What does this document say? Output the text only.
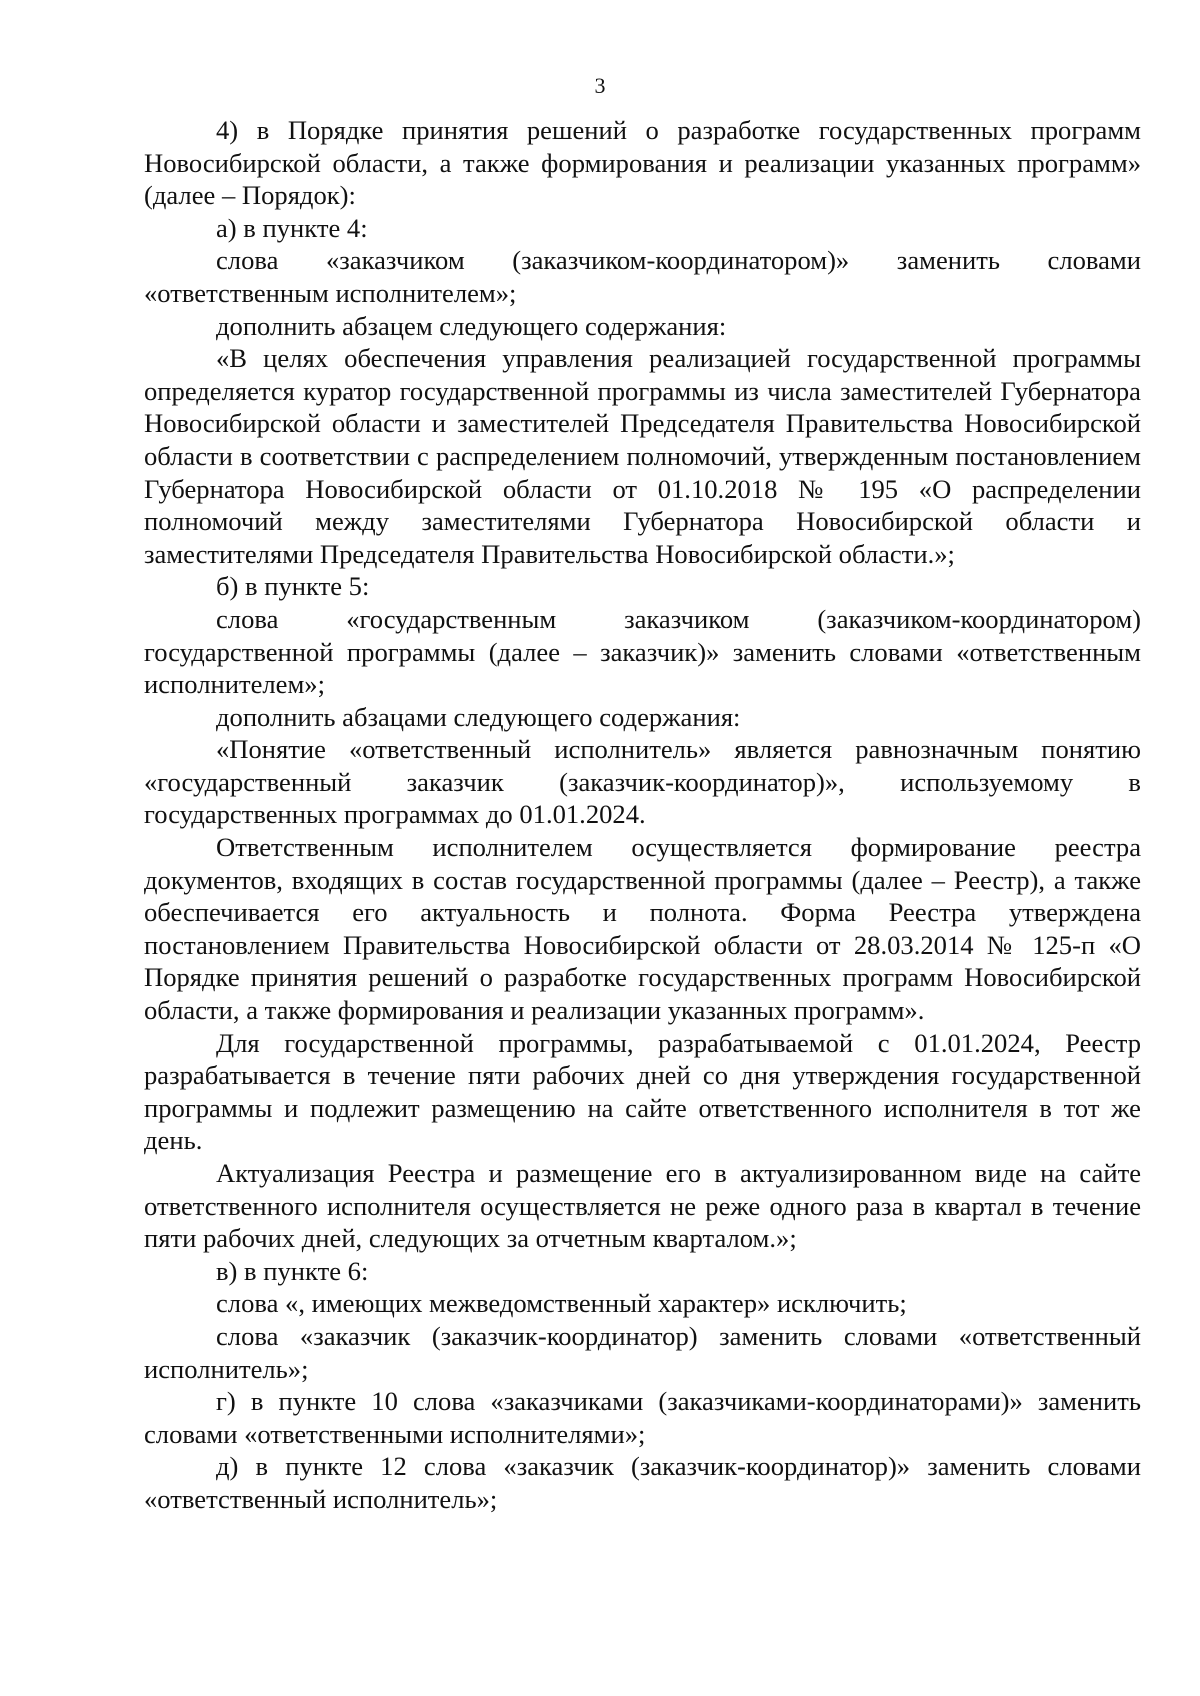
3

4) в Порядке принятия решений о разработке государственных программ Новосибирской области, а также формирования и реализации указанных программ» (далее – Порядок):

а) в пункте 4:

слова «заказчиком (заказчиком-координатором)» заменить словами «ответственным исполнителем»;

дополнить абзацем следующего содержания:

«В целях обеспечения управления реализацией государственной программы определяется куратор государственной программы из числа заместителей Губернатора Новосибирской области и заместителей Председателя Правительства Новосибирской области в соответствии с распределением полномочий, утвержденным постановлением Губернатора Новосибирской области от 01.10.2018 № 195 «О распределении полномочий между заместителями Губернатора Новосибирской области и заместителями Председателя Правительства Новосибирской области.»;

б) в пункте 5:

слова «государственным заказчиком (заказчиком-координатором) государственной программы (далее – заказчик)» заменить словами «ответственным исполнителем»;

дополнить абзацами следующего содержания:

«Понятие «ответственный исполнитель» является равнозначным понятию «государственный заказчик (заказчик-координатор)», используемому в государственных программах до 01.01.2024.

Ответственным исполнителем осуществляется формирование реестра документов, входящих в состав государственной программы (далее – Реестр), а также обеспечивается его актуальность и полнота. Форма Реестра утверждена постановлением Правительства Новосибирской области от 28.03.2014 № 125-п «О Порядке принятия решений о разработке государственных программ Новосибирской области, а также формирования и реализации указанных программ».

Для государственной программы, разрабатываемой с 01.01.2024, Реестр разрабатывается в течение пяти рабочих дней со дня утверждения государственной программы и подлежит размещению на сайте ответственного исполнителя в тот же день.

Актуализация Реестра и размещение его в актуализированном виде на сайте ответственного исполнителя осуществляется не реже одного раза в квартал в течение пяти рабочих дней, следующих за отчетным кварталом.»;

в) в пункте 6:

слова «, имеющих межведомственный характер» исключить;

слова «заказчик (заказчик-координатор) заменить словами «ответственный исполнитель»;

г) в пункте 10 слова «заказчиками (заказчиками-координаторами)» заменить словами «ответственными исполнителями»;

д) в пункте 12 слова «заказчик (заказчик-координатор)» заменить словами «ответственный исполнитель»;
